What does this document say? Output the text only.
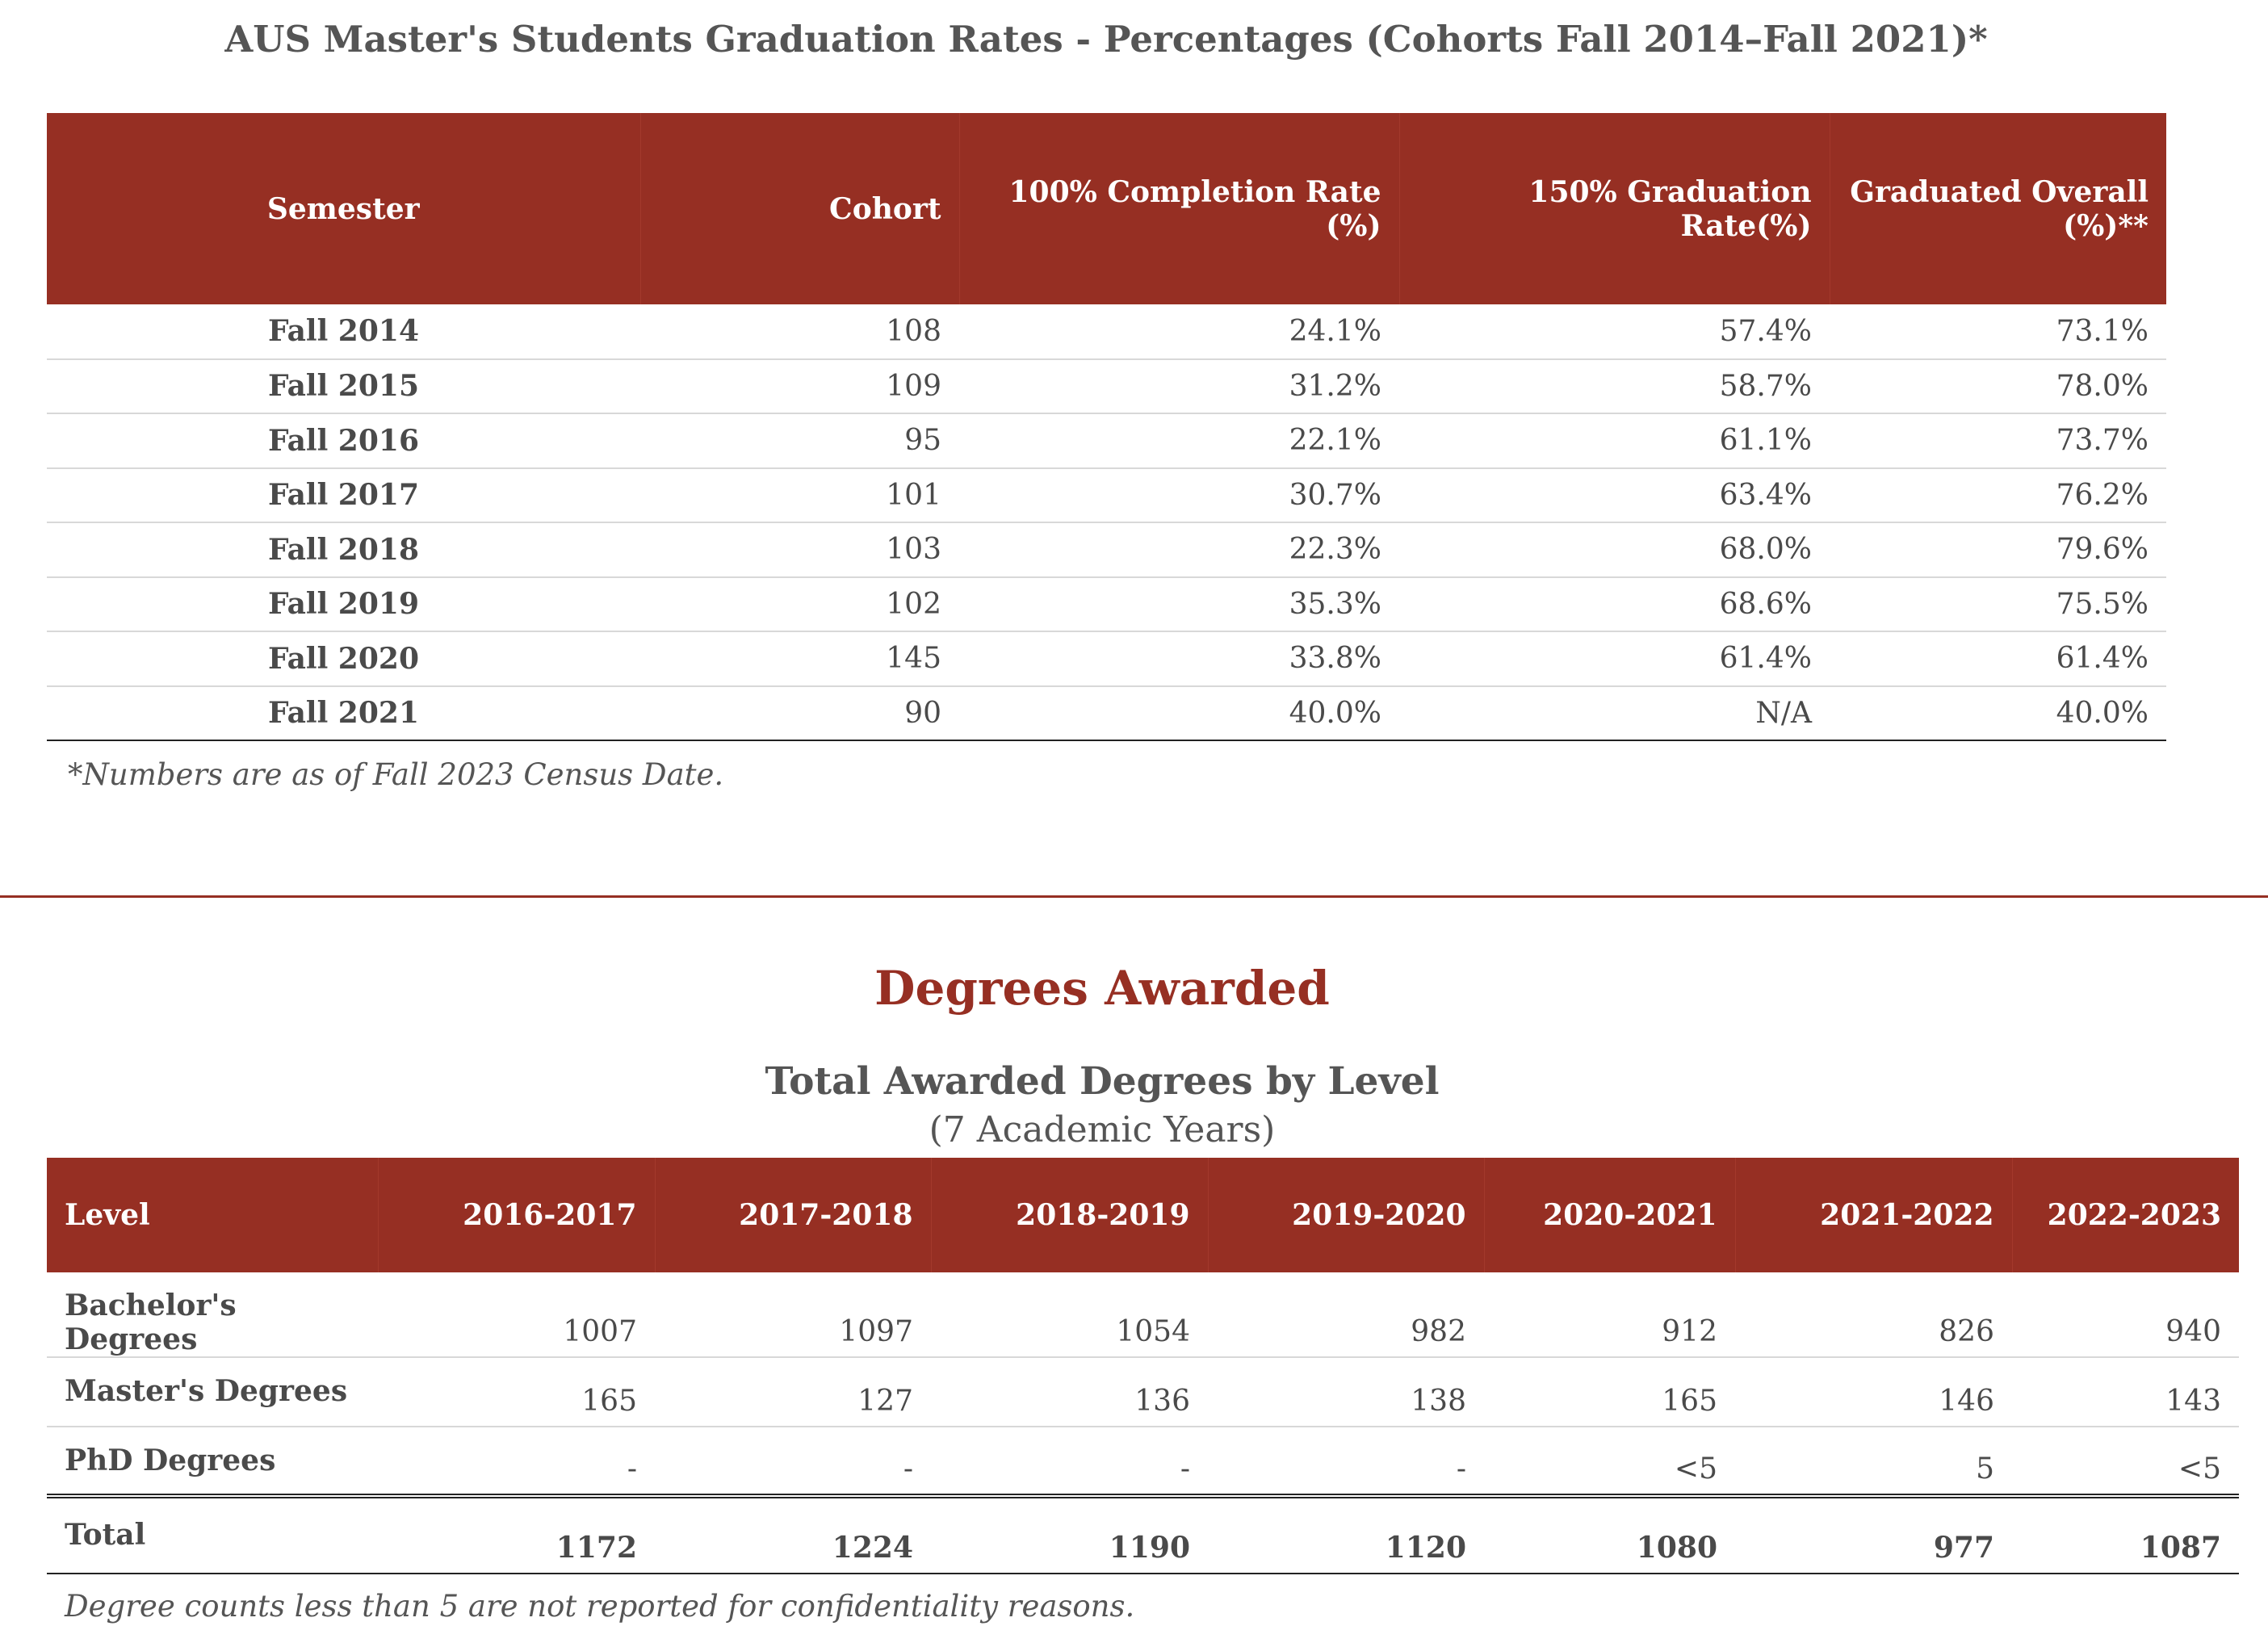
AUS Master's Students Graduation Rates - Percentages (Cohorts Fall 2014–Fall 2021)*
Semester	Cohort	100% Completion Rate (%)	150% Graduation Rate(%)	Graduated Overall (%)**
Fall 2014	108	24.1%	57.4%	73.1%
Fall 2015	109	31.2%	58.7%	78.0%
Fall 2016	95	22.1%	61.1%	73.7%
Fall 2017	101	30.7%	63.4%	76.2%
Fall 2018	103	22.3%	68.0%	79.6%
Fall 2019	102	35.3%	68.6%	75.5%
Fall 2020	145	33.8%	61.4%	61.4%
Fall 2021	90	40.0%	N/A	40.0%
*Numbers are as of Fall 2023 Census Date.
Degrees Awarded
Total Awarded Degrees by Level
(7 Academic Years)
Level	2016-2017	2017-2018	2018-2019	2019-2020	2020-2021	2021-2022	2022-2023
Bachelor's Degrees	1007	1097	1054	982	912	826	940
Master's Degrees	165	127	136	138	165	146	143
PhD Degrees	-	-	-	-	<5	5	<5
Total	1172	1224	1190	1120	1080	977	1087
Degree counts less than 5 are not reported for confidentiality reasons.
